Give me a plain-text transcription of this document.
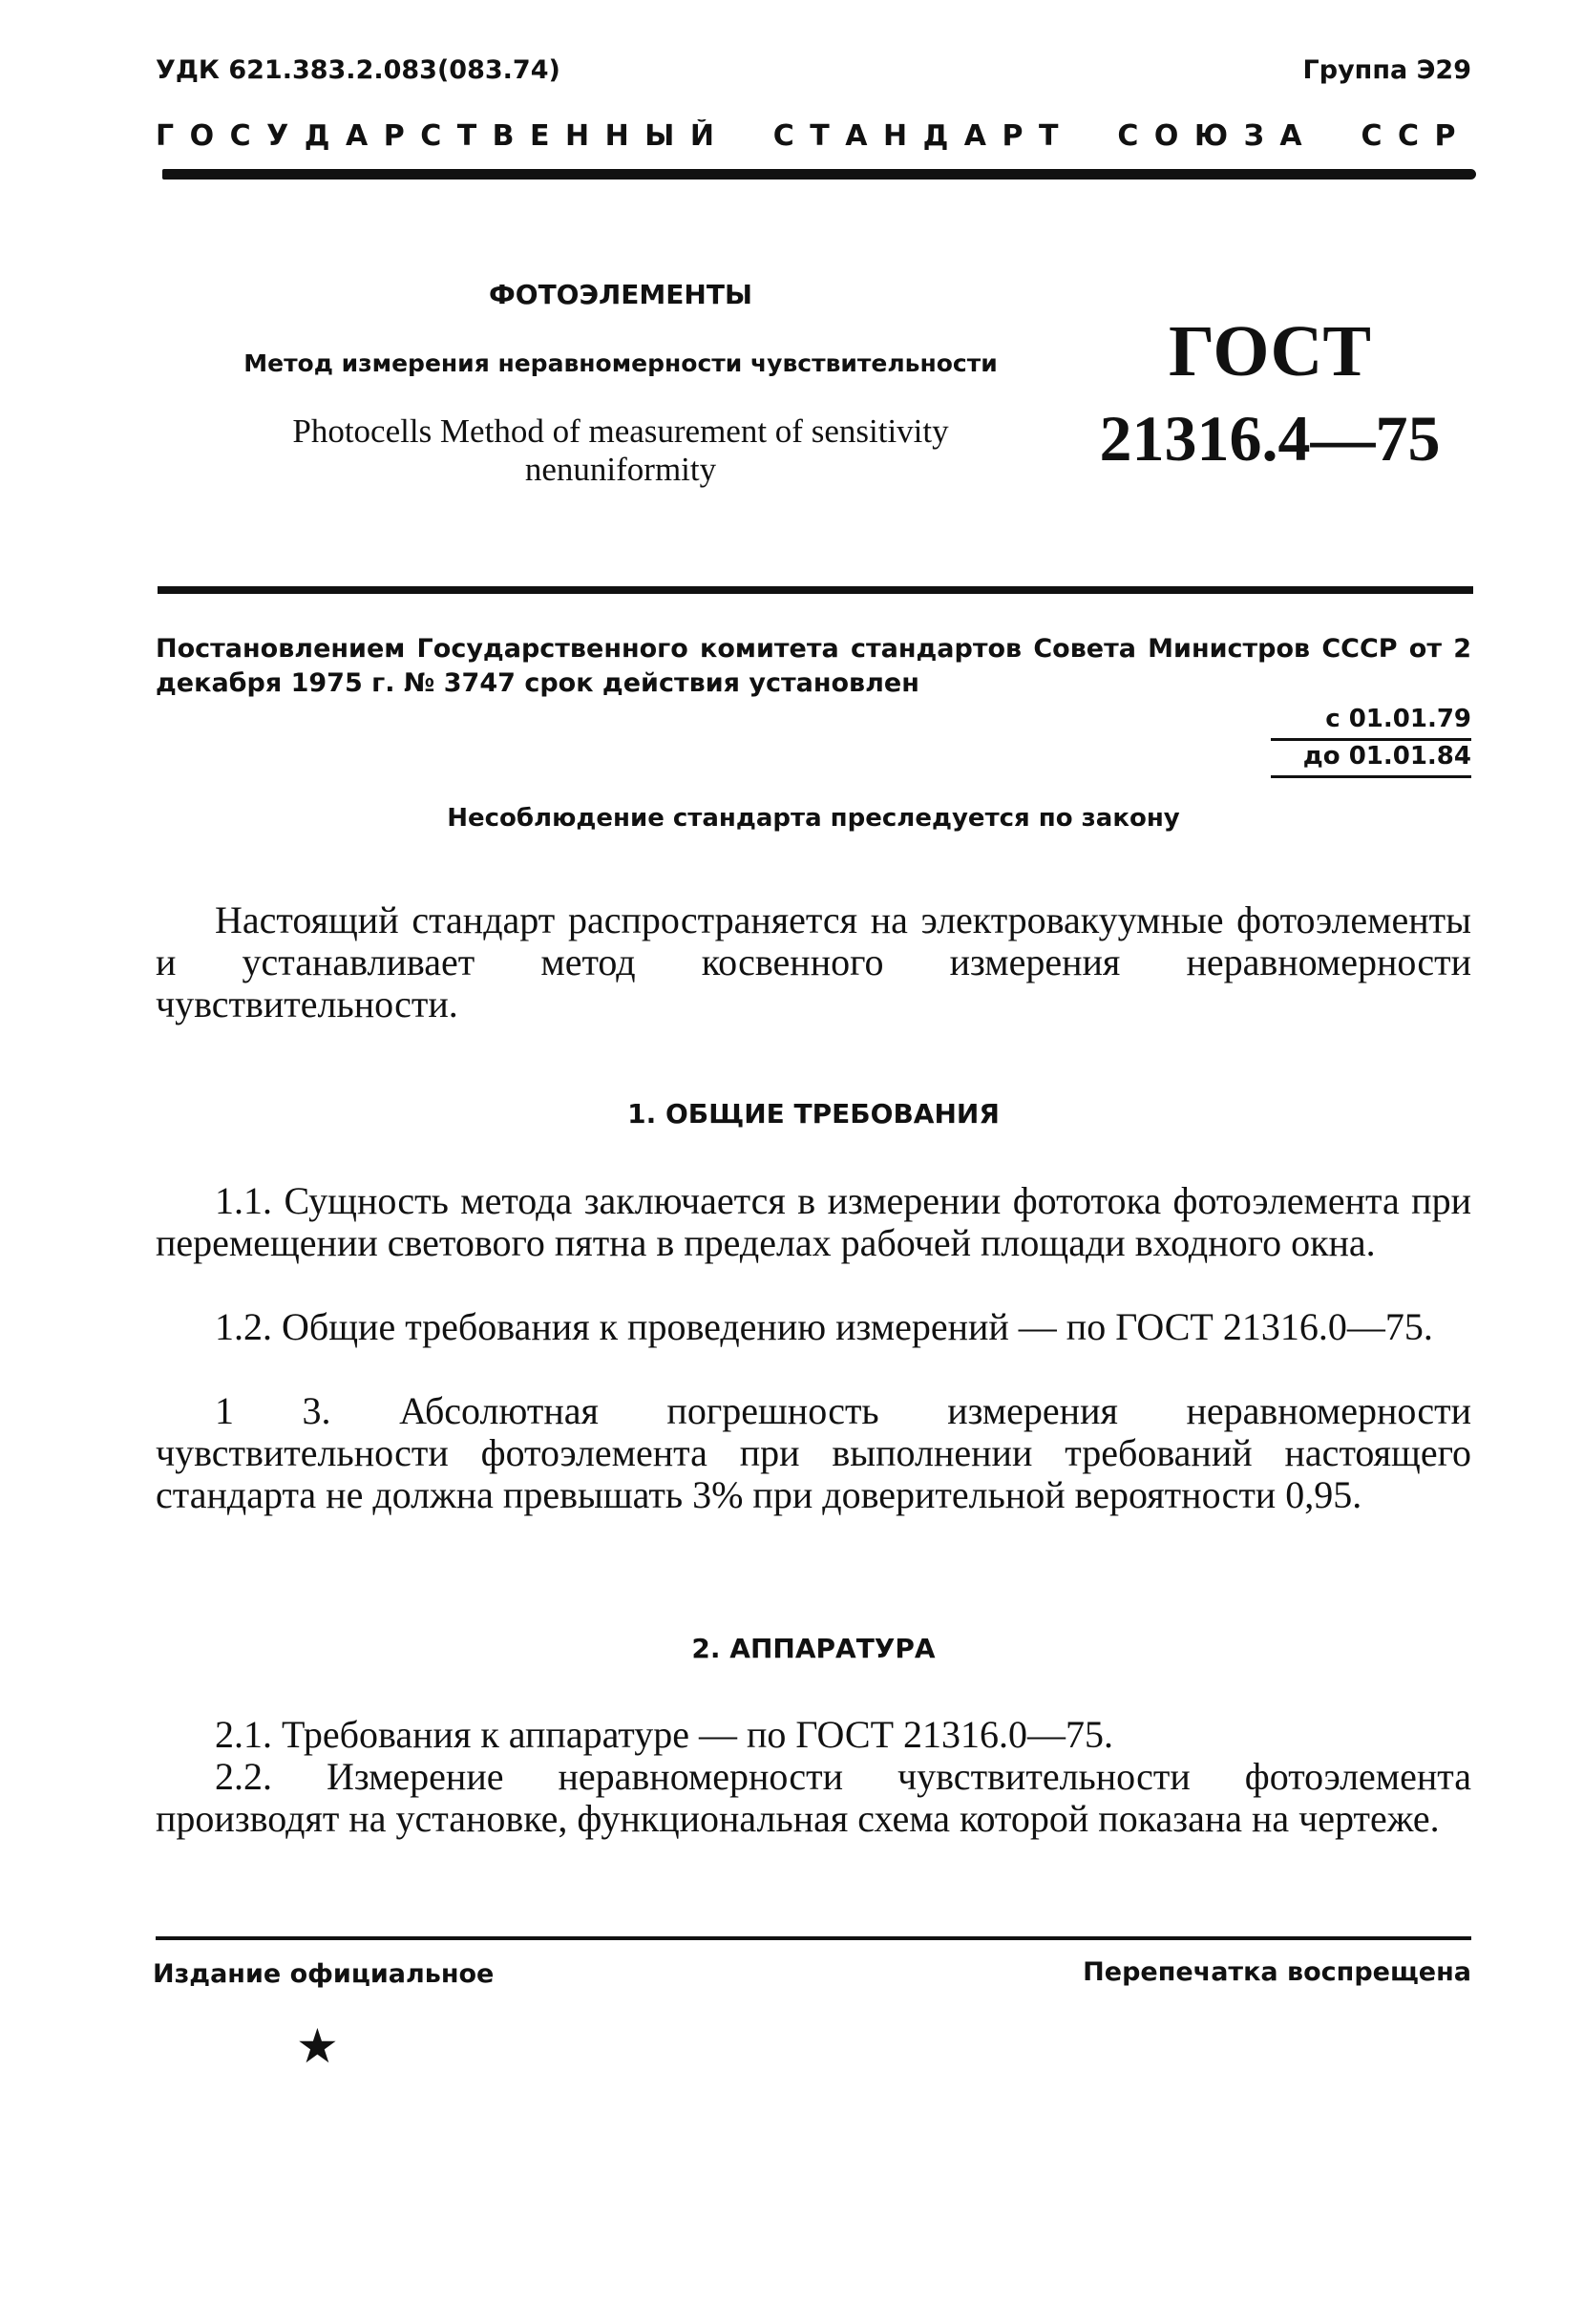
УДК 621.383.2.083(083.74)	Группа Э29
ГОСУДАРСТВЕННЫЙ СТАНДАРТ СОЮЗА ССР
ФОТОЭЛЕМЕНТЫ
Метод измерения неравномерности чувствительности
Photocells Method of measurement of sensitivity nenuniformity
ГОСТ
21316.4—75
Постановлением Государственного комитета стандартов Совета Министров СССР от 2 декабря 1975 г. № 3747 срок действия установлен
с 01.01.79
до 01.01.84
Несоблюдение стандарта преследуется по закону
Настоящий стандарт распространяется на электровакуумные фотоэлементы и устанавливает метод косвенного измерения неравномерности чувствительности.
1. ОБЩИЕ ТРЕБОВАНИЯ
1.1. Сущность метода заключается в измерении фототока фотоэлемента при перемещении светового пятна в пределах рабочей площади входного окна.
1.2. Общие требования к проведению измерений — по ГОСТ 21316.0—75.
1 3. Абсолютная погрешность измерения неравномерности чувствительности фотоэлемента при выполнении требований настоящего стандарта не должна превышать 3% при доверительной вероятности 0,95.
2. АППАРАТУРА
2.1. Требования к аппаратуре — по ГОСТ 21316.0—75.
2.2. Измерение неравномерности чувствительности фотоэлемента производят на установке, функциональная схема которой показана на чертеже.
Издание официальное	Перепечатка воспрещена
★
